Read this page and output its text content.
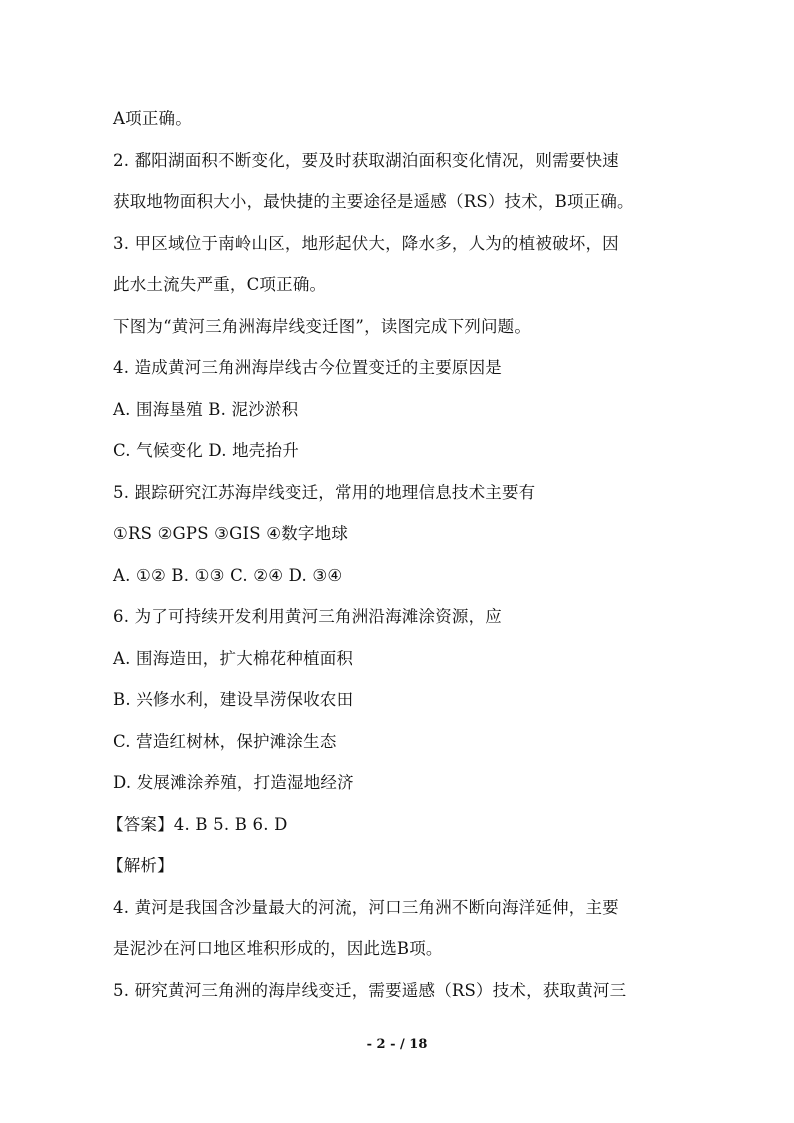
A项正确。
2. 鄱阳湖面积不断变化，要及时获取湖泊面积变化情况，则需要快速
获取地物面积大小，最快捷的主要途径是遥感（RS）技术，B项正确。
3. 甲区域位于南岭山区，地形起伏大，降水多，人为的植被破坏，因
此水土流失严重，C项正确。
下图为“黄河三角洲海岸线变迁图”，读图完成下列问题。
4. 造成黄河三角洲海岸线古今位置变迁的主要原因是
A. 围海垦殖 B. 泥沙淤积
C. 气候变化 D. 地壳抬升
5. 跟踪研究江苏海岸线变迁，常用的地理信息技术主要有
①RS ②GPS ③GIS ④数字地球
A. ①② B. ①③ C. ②④ D. ③④
6. 为了可持续开发利用黄河三角洲沿海滩涂资源，应
A. 围海造田，扩大棉花种植面积
B. 兴修水利，建设旱涝保收农田
C. 营造红树林，保护滩涂生态
D. 发展滩涂养殖，打造湿地经济
【答案】4. B 5. B 6. D
【解析】
4. 黄河是我国含沙量最大的河流，河口三角洲不断向海洋延伸，主要
是泥沙在河口地区堆积形成的，因此选B项。
5. 研究黄河三角洲的海岸线变迁，需要遥感（RS）技术，获取黄河三
- 2 - / 18
